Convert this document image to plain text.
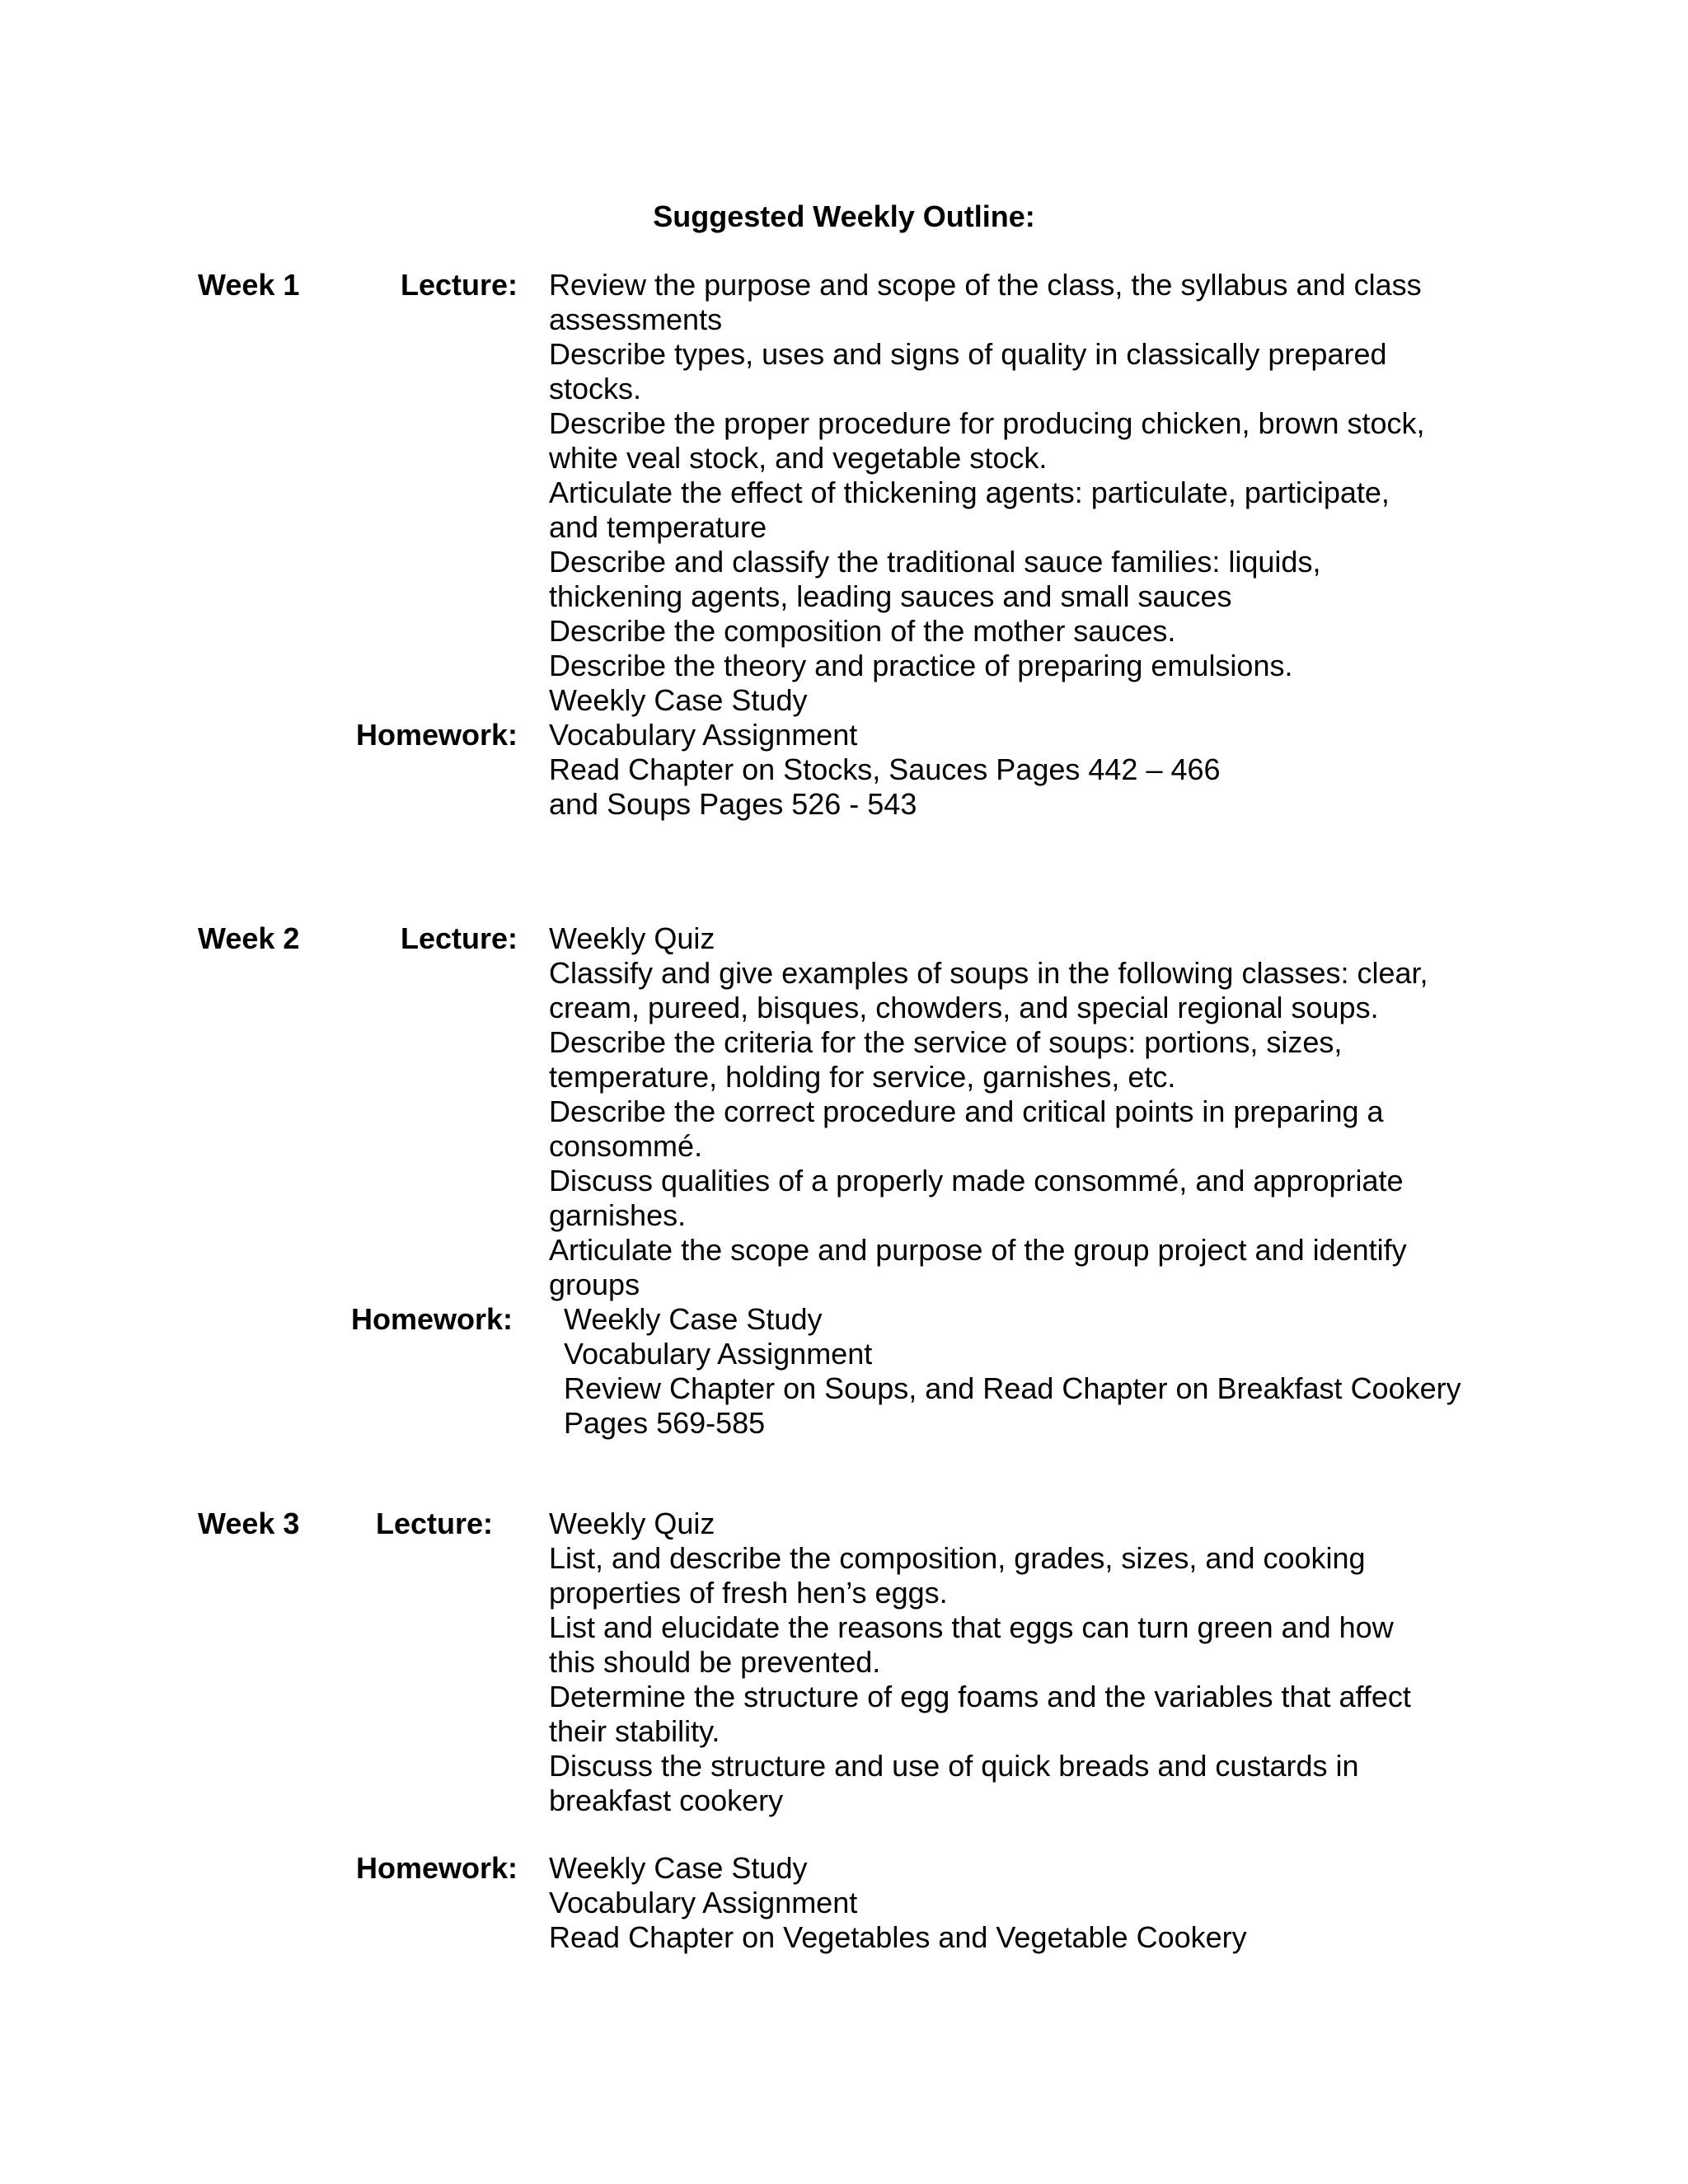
Suggested Weekly Outline:
Week 1	Lecture: Review the purpose and scope of the class, the syllabus and class
assessments
Describe types, uses and signs of quality in classically prepared
stocks.
Describe the proper procedure for producing chicken, brown stock,
white veal stock, and vegetable stock.
Articulate the effect of thickening agents: particulate, participate,
and temperature
Describe and classify the traditional sauce families: liquids,
thickening agents, leading sauces and small sauces
Describe the composition of the mother sauces.
Describe the theory and practice of preparing emulsions.
Weekly Case Study
Homework: Vocabulary Assignment
Read Chapter on Stocks, Sauces Pages 442 – 466
and Soups Pages 526 - 543
Week 2	Lecture: Weekly Quiz
Classify and give examples of soups in the following classes: clear,
cream, pureed, bisques, chowders, and special regional soups.
Describe the criteria for the service of soups: portions, sizes,
temperature, holding for service, garnishes, etc.
Describe the correct procedure and critical points in preparing a
consommé.
Discuss qualities of a properly made consommé, and appropriate
garnishes.
Articulate the scope and purpose of the group project and identify
groups
Homework: Weekly Case Study
Vocabulary Assignment
Review Chapter on Soups, and Read Chapter on Breakfast Cookery
Pages 569-585
Week 3	Lecture: Weekly Quiz
List, and describe the composition, grades, sizes, and cooking
properties of fresh hen’s eggs.
List and elucidate the reasons that eggs can turn green and how
this should be prevented.
Determine the structure of egg foams and the variables that affect
their stability.
Discuss the structure and use of quick breads and custards in
breakfast cookery
Homework: Weekly Case Study
Vocabulary Assignment
Read Chapter on Vegetables and Vegetable Cookery
